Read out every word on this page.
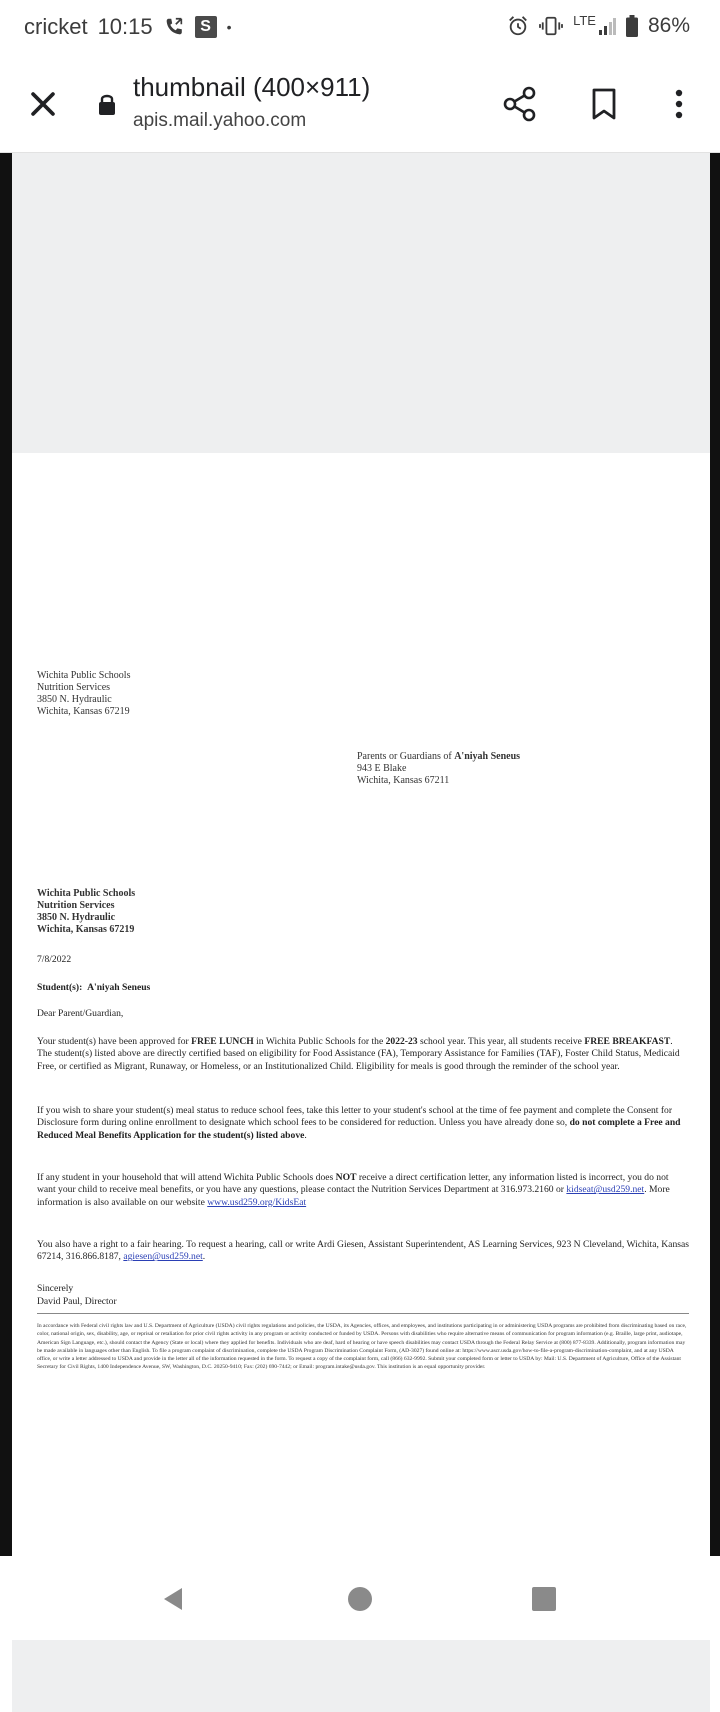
cricket 10:15	S	•	LTE 86%
thumbnail (400×911)
apis.mail.yahoo.com
Wichita Public Schools
Nutrition Services
3850 N. Hydraulic
Wichita, Kansas 67219
Parents or Guardians of A'niyah Seneus
943 E Blake
Wichita, Kansas 67211
Wichita Public Schools
Nutrition Services
3850 N. Hydraulic
Wichita, Kansas 67219
7/8/2022
Student(s): A'niyah Seneus
Dear Parent/Guardian,
Your student(s) have been approved for FREE LUNCH in Wichita Public Schools for the 2022-23 school year. This year, all students receive FREE BREAKFAST. The student(s) listed above are directly certified based on eligibility for Food Assistance (FA), Temporary Assistance for Families (TAF), Foster Child Status, Medicaid Free, or certified as Migrant, Runaway, or Homeless, or an Institutionalized Child. Eligibility for meals is good through the reminder of the school year.
If you wish to share your student(s) meal status to reduce school fees, take this letter to your student's school at the time of fee payment and complete the Consent for Disclosure form during online enrollment to designate which school fees to be considered for reduction. Unless you have already done so, do not complete a Free and Reduced Meal Benefits Application for the student(s) listed above.
If any student in your household that will attend Wichita Public Schools does NOT receive a direct certification letter, any information listed is incorrect, you do not want your child to receive meal benefits, or you have any questions, please contact the Nutrition Services Department at 316.973.2160 or kidseat@usd259.net. More information is also available on our website www.usd259.org/KidsEat
You also have a right to a fair hearing. To request a hearing, call or write Ardi Giesen, Assistant Superintendent, AS Learning Services, 923 N Cleveland, Wichita, Kansas 67214, 316.866.8187, agiesen@usd259.net.
Sincerely
David Paul, Director
In accordance with Federal civil rights law and U.S. Department of Agriculture (USDA) civil rights regulations and policies, the USDA, its Agencies, offices, and employees, and institutions participating in or administering USDA programs are prohibited from discriminating based on race, color, national origin, sex, disability, age, or reprisal or retaliation for prior civil rights activity in any program or activity conducted or funded by USDA. Persons with disabilities who require alternative means of communication for program information (e.g. Braille, large print, audiotape, American Sign Language, etc.), should contact the Agency (State or local) where they applied for benefits. Individuals who are deaf, hard of hearing or have speech disabilities may contact USDA through the Federal Relay Service at (800) 877-8339. Additionally, program information may be made available in languages other than English. To file a program complaint of discrimination, complete the USDA Program Discrimination Complaint Form, (AD-3027) found online at: https://www.ascr.usda.gov/how-to-file-a-program-discrimination-complaint, and at any USDA office, or write a letter addressed to USDA and provide in the letter all of the information requested in the form. To request a copy of the complaint form, call (866) 632-9992. Submit your completed form or letter to USDA by: Mail: U.S. Department of Agriculture, Office of the Assistant Secretary for Civil Rights, 1400 Independence Avenue, SW, Washington, D.C. 20250-9410; Fax: (202) 690-7442; or Email: program.intake@usda.gov. This institution is an equal opportunity provider.
